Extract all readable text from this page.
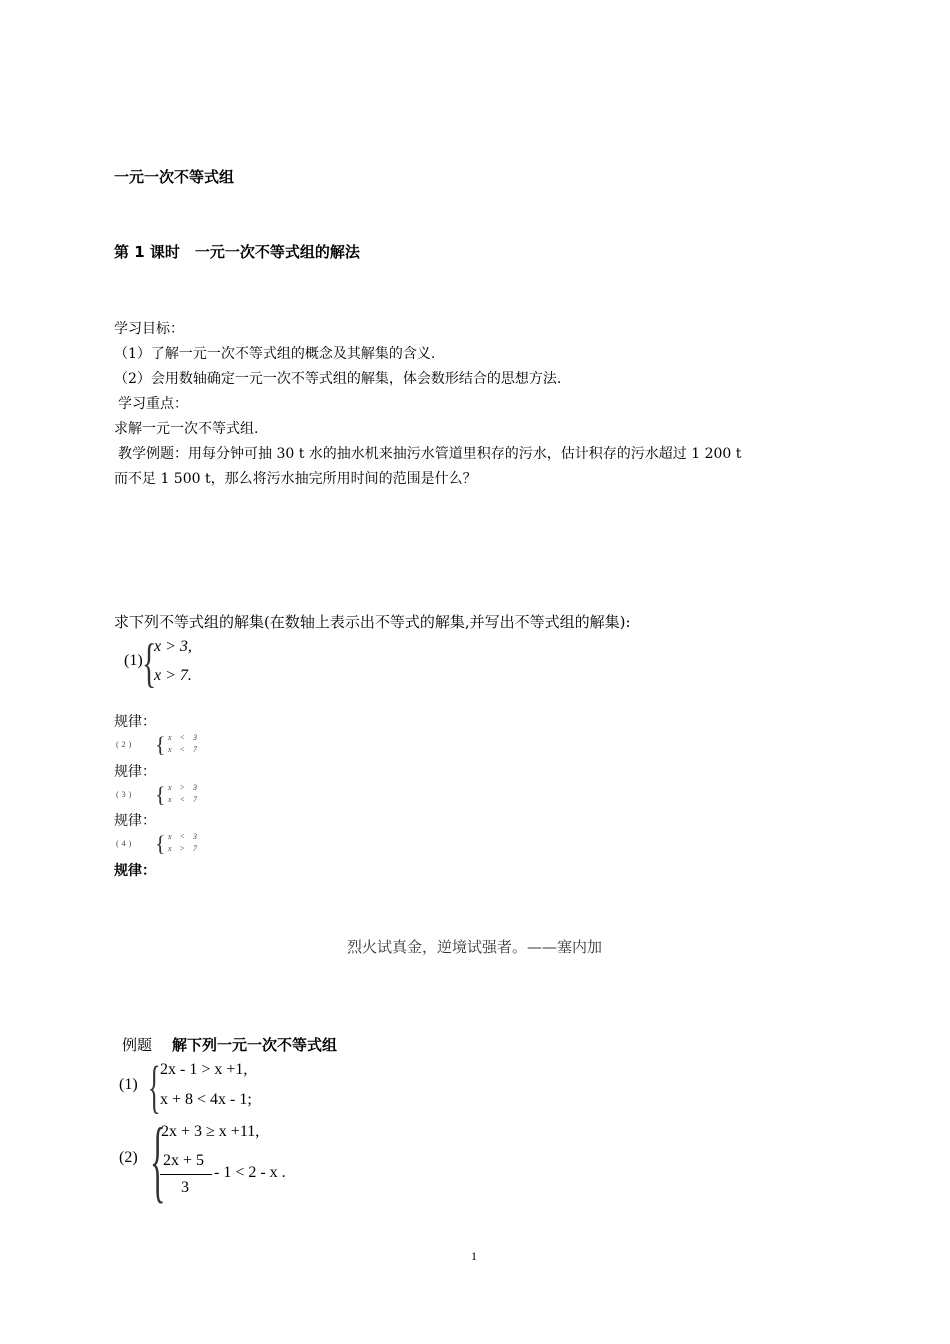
一元一次不等式组
第 1 课时　一元一次不等式组的解法
学习目标：
（1）了解一元一次不等式组的概念及其解集的含义.
（2）会用数轴确定一元一次不等式组的解集，体会数形结合的思想方法.
学习重点：
求解一元一次不等式组.
教学例题：用每分钟可抽 30 t 水的抽水机来抽污水管道里积存的污水，估计积存的污水超过 1 200 t
而不足 1 500 t，那么将污水抽完所用时间的范围是什么？
求下列不等式组的解集(在数轴上表示出不等式的解集,并写出不等式组的解集):
(1) {
x > 3,
x > 7.
规律：
(2) { x < 3
x < 7
规律：
(3) { x > 3
x < 7
规律：
(4) { x < 3
x > 7
规律：
烈火试真金，逆境试强者。——塞内加
例题 解下列一元一次不等式组
(1) { 2x - 1 > x +1,
x + 8 < 4x - 1;
(2) {
2x + 3 ≥ x +11,
2x + 5
3
- 1 < 2 - x .
1
